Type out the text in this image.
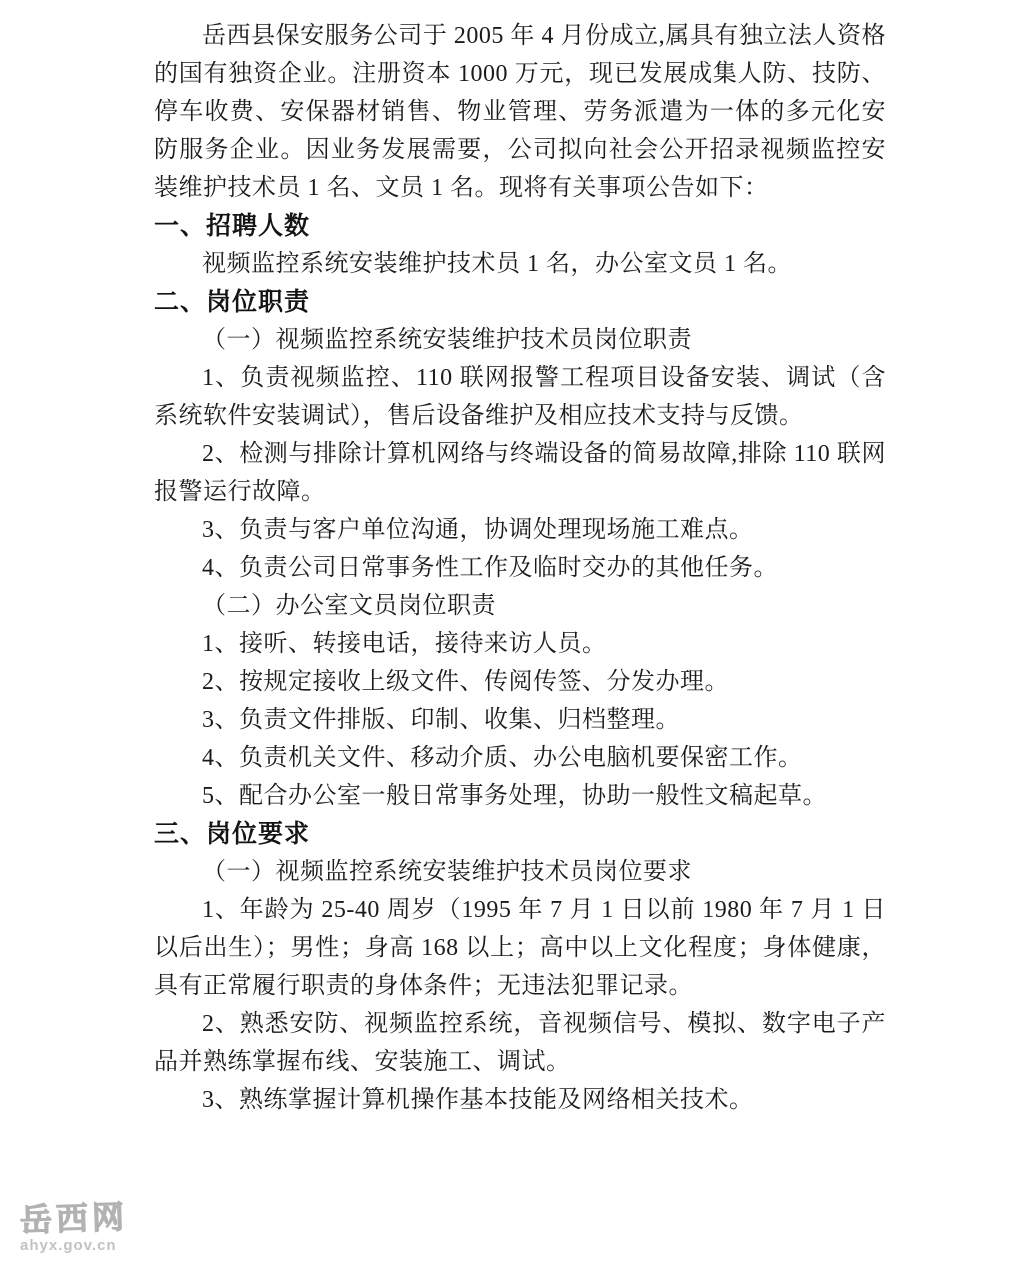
岳西县保安服务公司于 2005 年 4 月份成立,属具有独立法人资格的国有独资企业。注册资本 1000 万元，现已发展成集人防、技防、停车收费、安保器材销售、物业管理、劳务派遣为一体的多元化安防服务企业。因业务发展需要，公司拟向社会公开招录视频监控安装维护技术员 1 名、文员 1 名。现将有关事项公告如下：

一、招聘人数

视频监控系统安装维护技术员 1 名，办公室文员 1 名。

二、岗位职责

（一）视频监控系统安装维护技术员岗位职责

1、负责视频监控、110 联网报警工程项目设备安装、调试（含系统软件安装调试），售后设备维护及相应技术支持与反馈。

2、检测与排除计算机网络与终端设备的简易故障,排除 110 联网报警运行故障。

3、负责与客户单位沟通，协调处理现场施工难点。

4、负责公司日常事务性工作及临时交办的其他任务。

（二）办公室文员岗位职责

1、接听、转接电话，接待来访人员。

2、按规定接收上级文件、传阅传签、分发办理。

3、负责文件排版、印制、收集、归档整理。

4、负责机关文件、移动介质、办公电脑机要保密工作。

5、配合办公室一般日常事务处理，协助一般性文稿起草。

三、岗位要求

（一）视频监控系统安装维护技术员岗位要求

1、年龄为 25-40 周岁（1995 年 7 月 1 日以前 1980 年 7 月 1 日以后出生）；男性；身高 168 以上；高中以上文化程度；身体健康，具有正常履行职责的身体条件；无违法犯罪记录。

2、熟悉安防、视频监控系统，音视频信号、模拟、数字电子产品并熟练掌握布线、安装施工、调试。

3、熟练掌握计算机操作基本技能及网络相关技术。

岳西网
ahyx.gov.cn
